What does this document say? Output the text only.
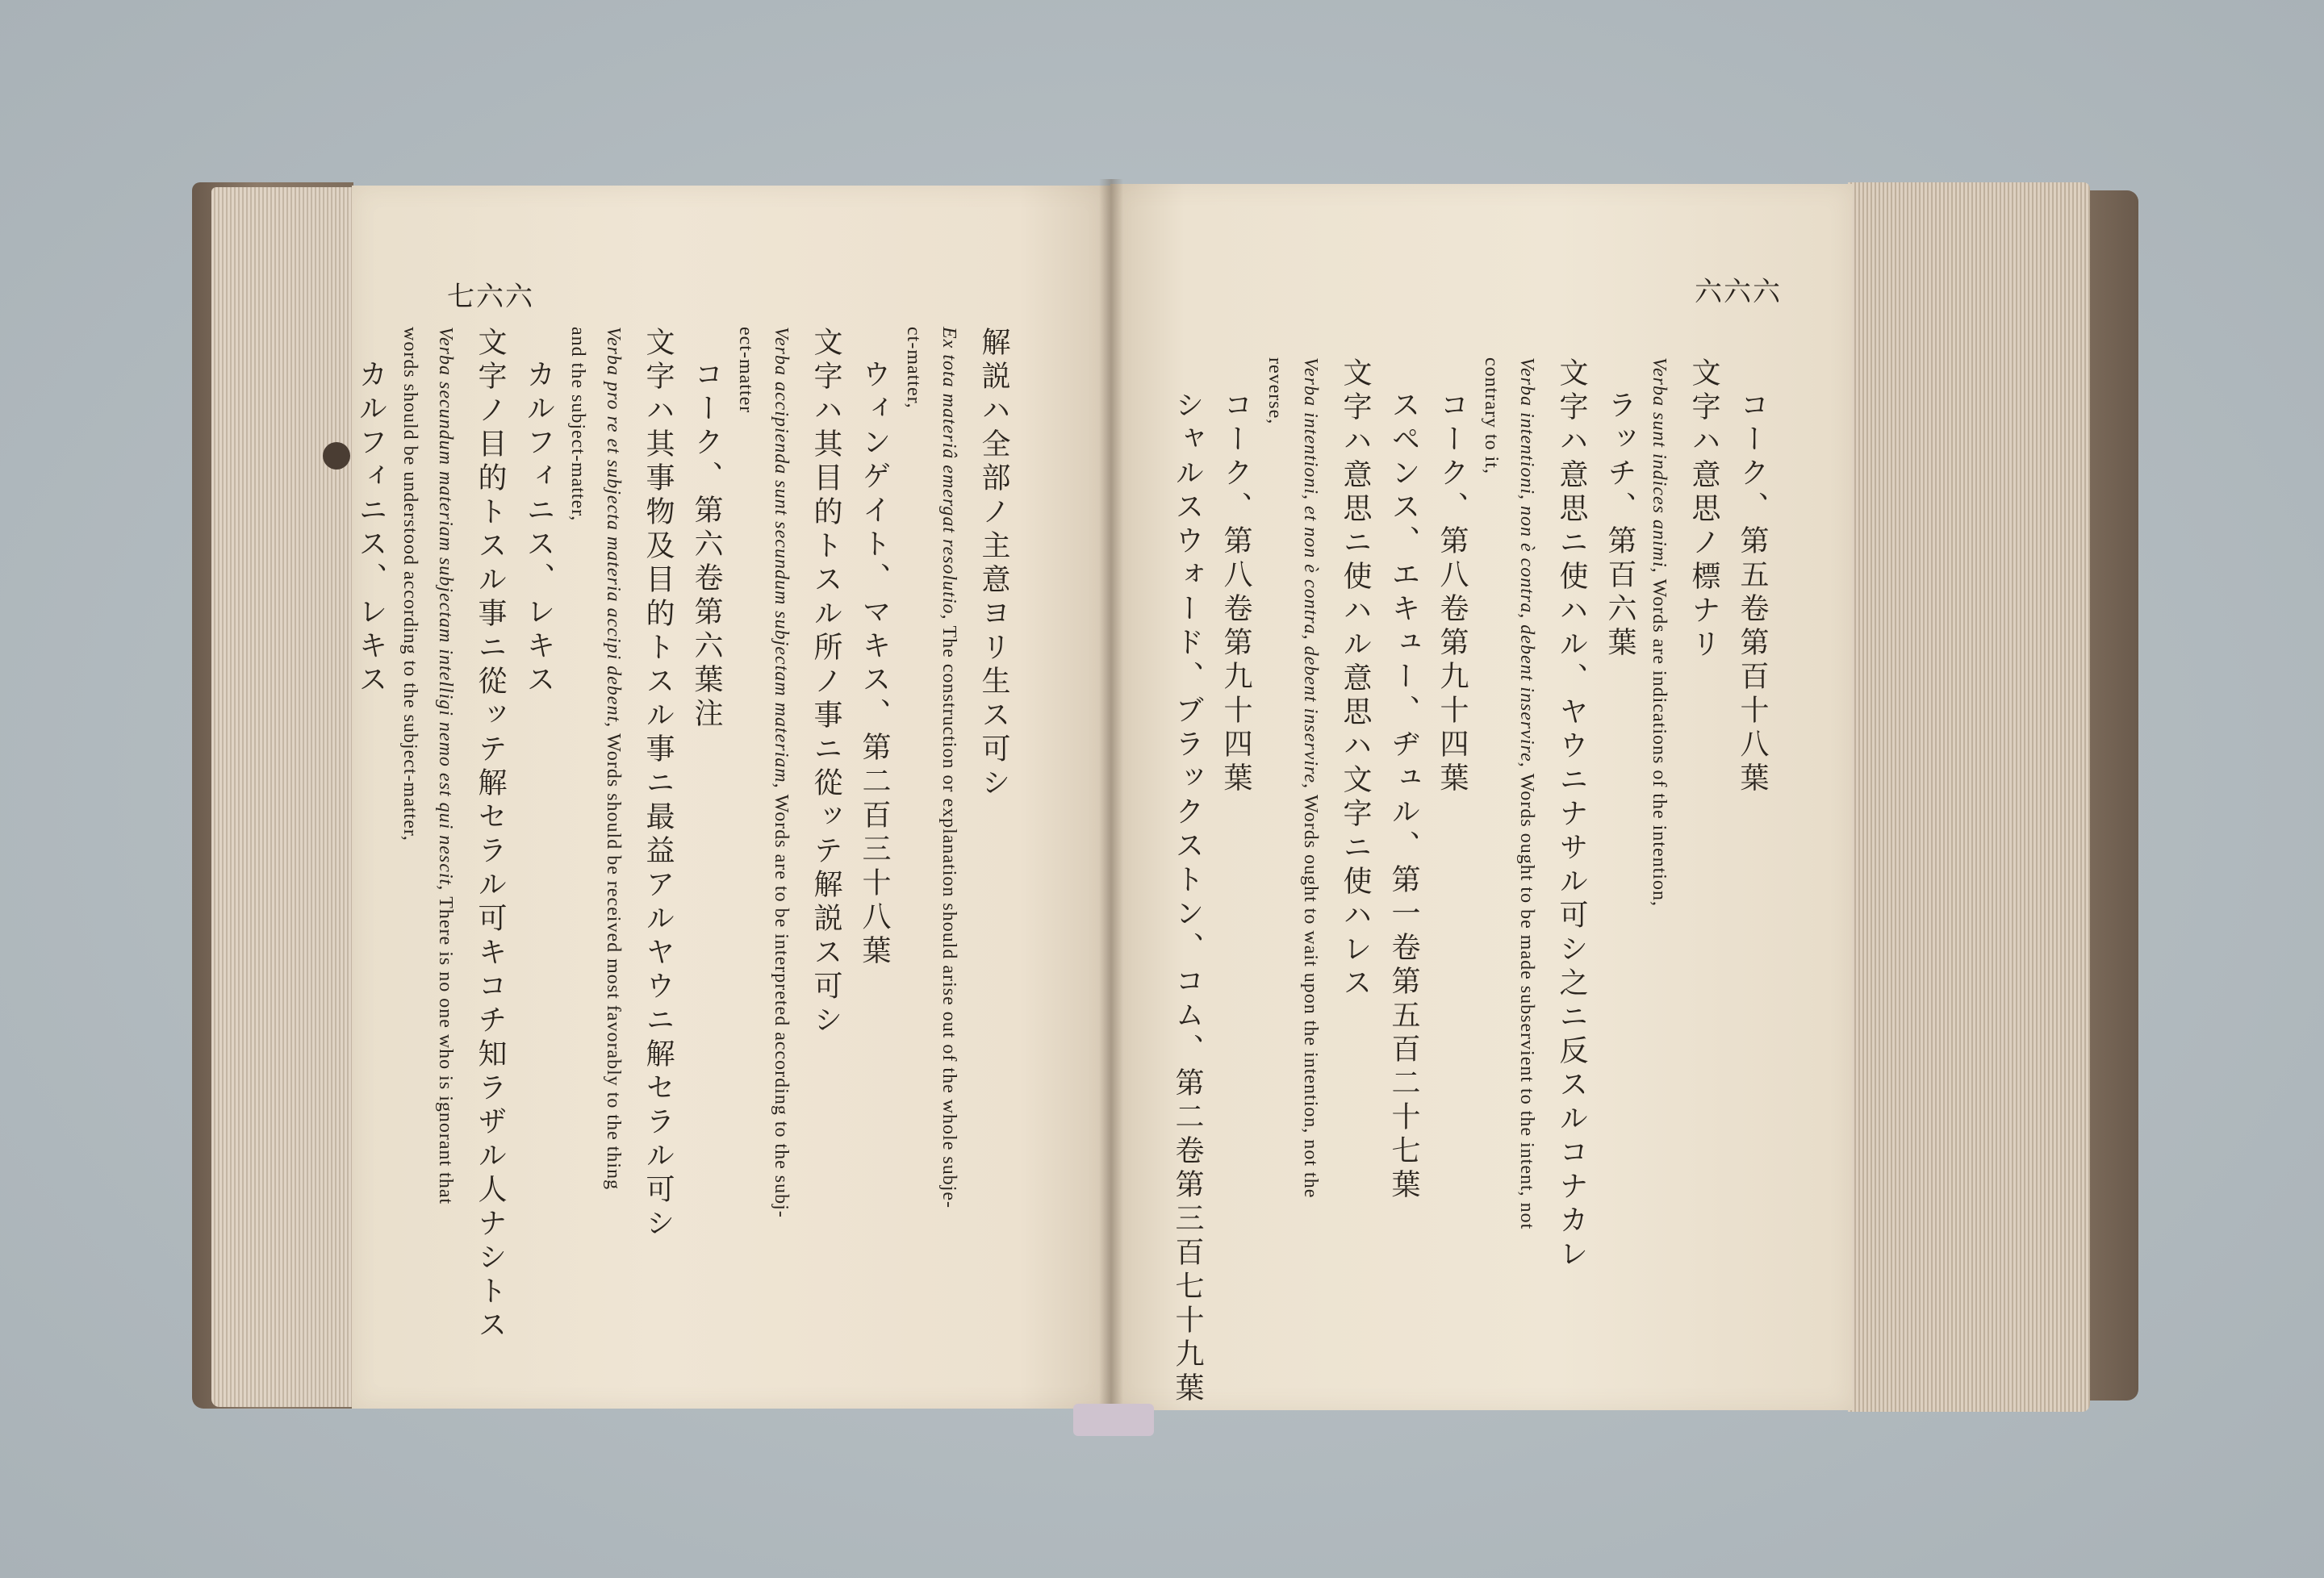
七六六
解説ハ全部ノ主意ヨリ生ス可シ
Ex tota materiâ emergat resolutio, The construction or explanation should arise out of the whole subje-
ct-matter,
ウィンゲイト、マキス、第二百三十八葉
文字ハ其目的トスル所ノ事ニ從ッテ解説ス可シ
Verba accipienda sunt secundum subjectam materiam, Words are to be interpreted according to the subj-
ect-matter
コーク、第六卷第六葉注
文字ハ其事物及目的トスル事ニ最益アルヤウニ解セラル可シ
Verba pro re et subjecta materia accipi debent, Words should be received most favorably to the thing
and the subject-matter,
カルフィニス、レキス
文字ノ目的トスル事ニ從ッテ解セラル可キコチ知ラザル人ナシトス
Verba secundum materiam subjectam intelligi nemo est qui nescit, There is no one who is ignorant that
words should be understood according to the subject-matter,
カルフィニス、レキス
六六六
コーク、第五卷第百十八葉
文字ハ意思ノ標ナリ
Verba sunt indices animi, Words are indications of the intention,
ラッチ、第百六葉
文字ハ意思ニ使ハル、ヤウニナサル可シ之ニ反スルコナカレ
Verba intentioni, non è contra, debent inservire, Words ought to be made subservient to the intent, not
contrary to it,
コーク、第八卷第九十四葉
スペンス、エキュー、ヂュル、第一卷第五百二十七葉
文字ハ意思ニ使ハル意思ハ文字ニ使ハレス
Verba intentioni, et non è contra, debent inservire, Words ought to wait upon the intention, not the
reverse,
コーク、第八卷第九十四葉
シャルスウォード、ブラックストン、コム、第二卷第三百七十九葉
